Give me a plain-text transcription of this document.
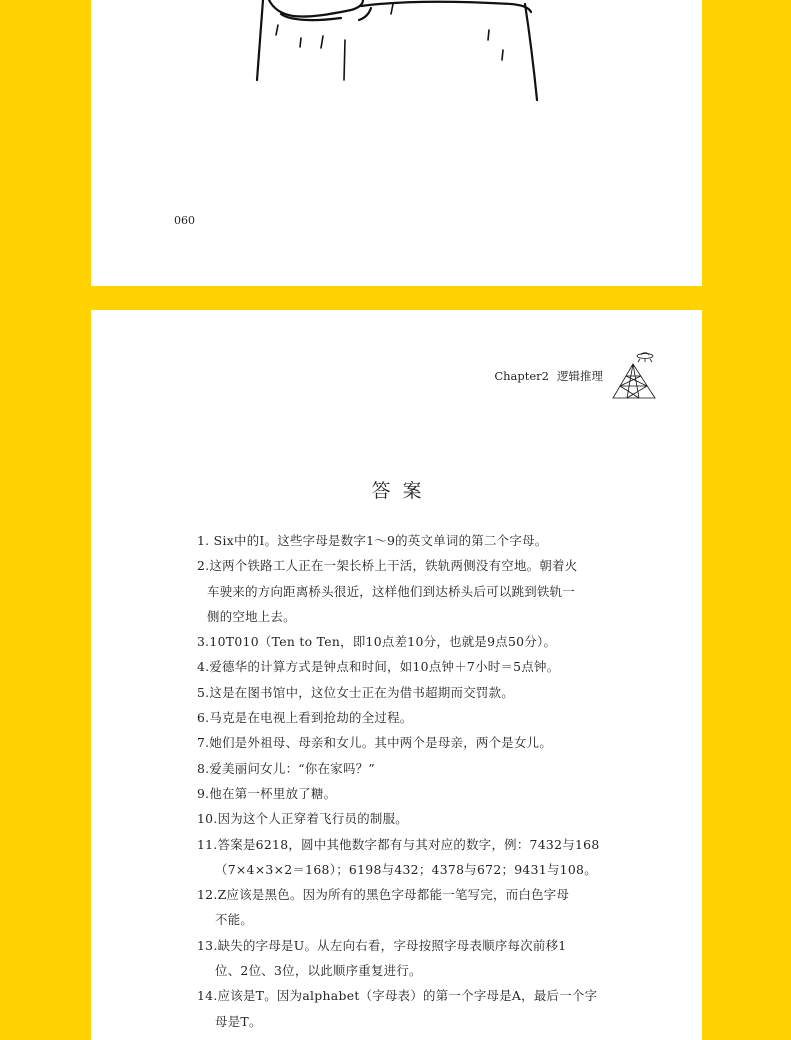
060
Chapter2 逻辑推理
答案
1. Six中的I。这些字母是数字1～9的英文单词的第二个字母。
2.这两个铁路工人正在一架长桥上干活，铁轨两侧没有空地。朝着火
车驶来的方向距离桥头很近，这样他们到达桥头后可以跳到铁轨一
侧的空地上去。
3.10T010（Ten to Ten，即10点差10分，也就是9点50分）。
4.爱德华的计算方式是钟点和时间，如10点钟＋7小时＝5点钟。
5.这是在图书馆中，这位女士正在为借书超期而交罚款。
6.马克是在电视上看到抢劫的全过程。
7.她们是外祖母、母亲和女儿。其中两个是母亲，两个是女儿。
8.爱美丽问女儿：“你在家吗？”
9.他在第一杯里放了糖。
10.因为这个人正穿着飞行员的制服。
11.答案是6218，圆中其他数字都有与其对应的数字，例：7432与168
（7×4×3×2＝168）；6198与432；4378与672；9431与108。
12.Z应该是黑色。因为所有的黑色字母都能一笔写完，而白色字母
不能。
13.缺失的字母是U。从左向右看，字母按照字母表顺序每次前移1
位、2位、3位，以此顺序重复进行。
14.应该是T。因为alphabet（字母表）的第一个字母是A，最后一个字
母是T。
